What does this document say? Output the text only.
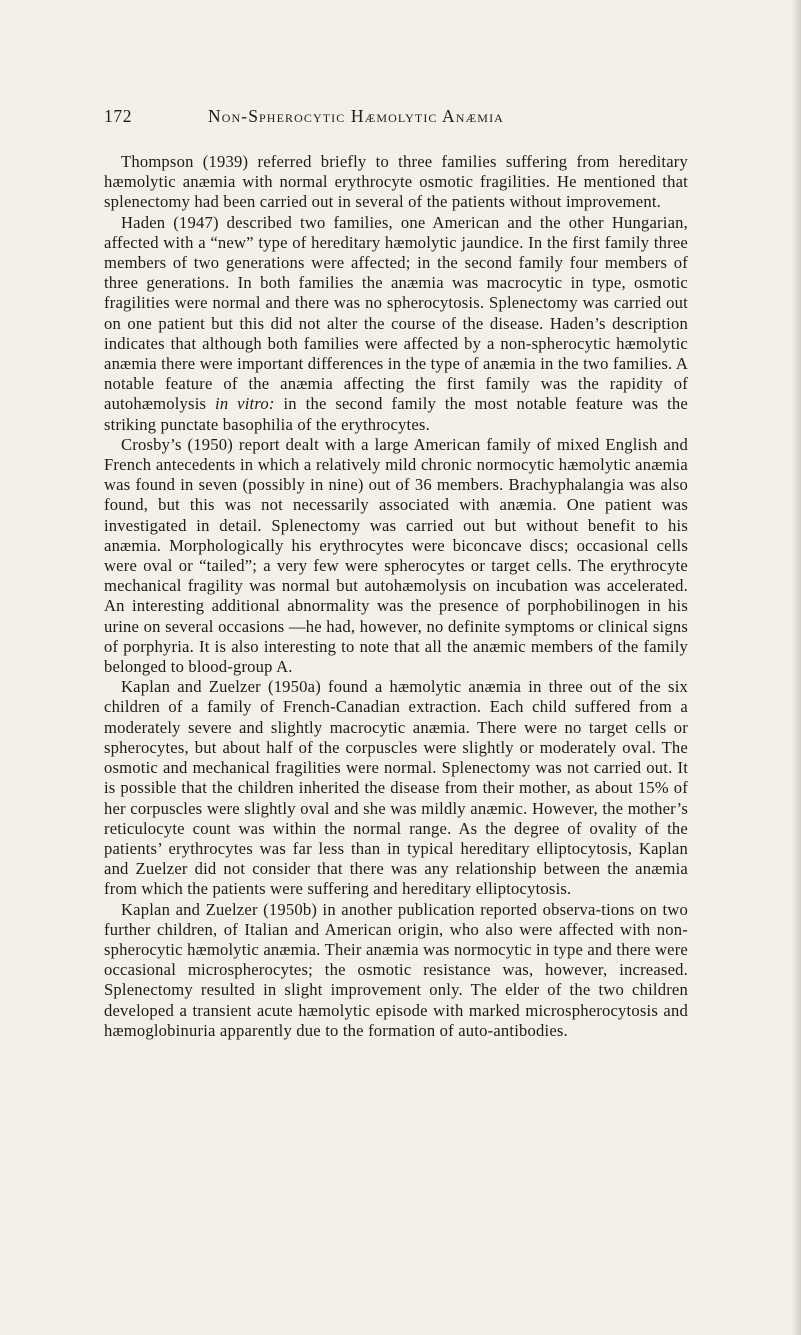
172	Non-Spherocytic Hæmolytic Anæmia

Thompson (1939) referred briefly to three families suffering from hereditary hæmolytic anæmia with normal erythrocyte osmotic fragilities. He mentioned that splenectomy had been carried out in several of the patients without improvement.

Haden (1947) described two families, one American and the other Hungarian, affected with a “new” type of hereditary hæmolytic jaundice. In the first family three members of two generations were affected; in the second family four members of three generations. In both families the anæmia was macrocytic in type, osmotic fragilities were normal and there was no spherocytosis. Splenectomy was carried out on one patient but this did not alter the course of the disease. Haden’s description indicates that although both families were affected by a non-spherocytic hæmolytic anæmia there were important differences in the type of anæmia in the two families. A notable feature of the anæmia affecting the first family was the rapidity of autohæmolysis in vitro: in the second family the most notable feature was the striking punctate basophilia of the erythrocytes.

Crosby’s (1950) report dealt with a large American family of mixed English and French antecedents in which a relatively mild chronic normocytic hæmolytic anæmia was found in seven (possibly in nine) out of 36 members. Brachyphalangia was also found, but this was not necessarily associated with anæmia. One patient was investigated in detail. Splenectomy was carried out but without benefit to his anæmia. Morphologically his erythrocytes were biconcave discs; occasional cells were oval or “tailed”; a very few were spherocytes or target cells. The erythrocyte mechanical fragility was normal but autohæmolysis on incubation was accelerated. An interesting additional abnormality was the presence of porphobilinogen in his urine on several occasions —he had, however, no definite symptoms or clinical signs of porphyria. It is also interesting to note that all the anæmic members of the family belonged to blood-group A.

Kaplan and Zuelzer (1950a) found a hæmolytic anæmia in three out of the six children of a family of French-Canadian extraction. Each child suffered from a moderately severe and slightly macrocytic anæmia. There were no target cells or spherocytes, but about half of the corpuscles were slightly or moderately oval. The osmotic and mechanical fragilities were normal. Splenectomy was not carried out. It is possible that the children inherited the disease from their mother, as about 15% of her corpuscles were slightly oval and she was mildly anæmic. However, the mother’s reticulocyte count was within the normal range. As the degree of ovality of the patients’ erythrocytes was far less than in typical hereditary elliptocytosis, Kaplan and Zuelzer did not consider that there was any relationship between the anæmia from which the patients were suffering and hereditary elliptocytosis.

Kaplan and Zuelzer (1950b) in another publication reported observa-tions on two further children, of Italian and American origin, who also were affected with non-spherocytic hæmolytic anæmia. Their anæmia was normocytic in type and there were occasional microspherocytes; the osmotic resistance was, however, increased. Splenectomy resulted in slight improvement only. The elder of the two children developed a transient acute hæmolytic episode with marked microspherocytosis and hæmoglobinuria apparently due to the formation of auto-antibodies.
